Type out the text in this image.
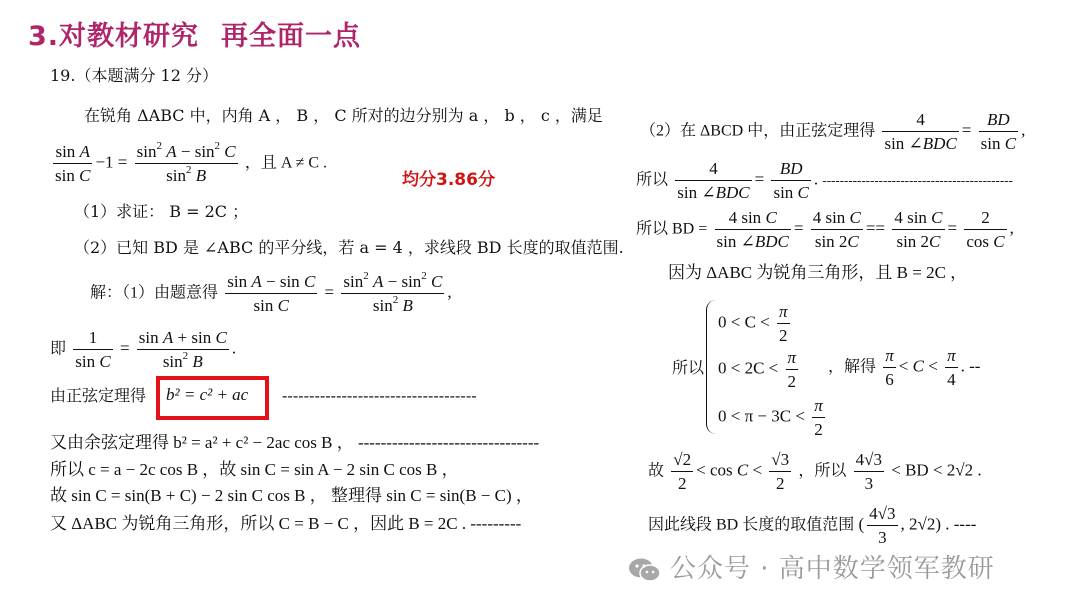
3.对教材研究 再全面一点
19.（本题满分 12 分）
在锐角 ΔABC 中，内角 A ， B ， C 所对的边分别为 a ， b ， c ，满足
$\frac{\text{sin A}}{\text{sin C}} -1 = \frac{\sin^2 A - \sin^2 C}{\sin^2 B}$ ，且 A ≠ C .
均分3.86分
（1）求证： B = 2C ；
（2）已知 BD 是 ∠ABC 的平分线，若 a = 4 ，求线段 BD 长度的取值范围.
解：（1）由题意得 $\frac{\text{sin A − sin C}}{\text{sin C}} = \frac{\sin^2 A - \sin^2 C}{\sin^2 B}$ ,
即 $\frac{1}{\text{sin C}} = \frac{\text{sin A + sin C}}{\sin^2 B}$ .
由正弦定理得 b² = c² + ac ------------------------------------
又由余弦定理得 b² = a² + c² − 2ac cos B ， --------------------------------
所以 c = a − 2c cos B ，故 sin C = sin A − 2 sin C cos B ，
故 sin C = sin(B + C) − 2 sin C cos B ， 整理得 sin C = sin(B − C) ，
又 ΔABC 为锐角三角形，所以 C = B − C ，因此 B = 2C . ---------
（2）在 ΔBCD 中，由正弦定理得 $\frac{4}{\text{sin ∠BDC}} = \frac{BD}{\text{sin C}}$ ,
所以 $\frac{4}{\text{sin ∠BDC}} = \frac{BD}{\text{sin C}}$ . --------------------------------------------
所以 BD = $\frac{\text{4 sin C}}{\text{sin ∠BDC}} = \frac{\text{4 sin C}}{\sin 2C} == \frac{\text{4 sin C}}{\sin 2C} = \frac{2}{\text{cos C}}$ ,
因为 ΔABC 为锐角三角形，且 B = 2C ，
所以
$0 < C < \frac{\pi}{2}$
$0 < 2C < \frac{\pi}{2}$
$0 < \pi - 3C < \frac{\pi}{2}$
，解得 $\frac{\pi}{6} < C < \frac{\pi}{4}$ . --
故 $\frac{√2}{2} < \cos C < \frac{√3}{2}$ ，所以 $\frac{4√3}{3}$ < BD < 2√2 .
因此线段 BD 长度的取值范围 ( $\frac{4√3}{3}$ , 2√2) . ----
公众号 · 高中数学领军教研
